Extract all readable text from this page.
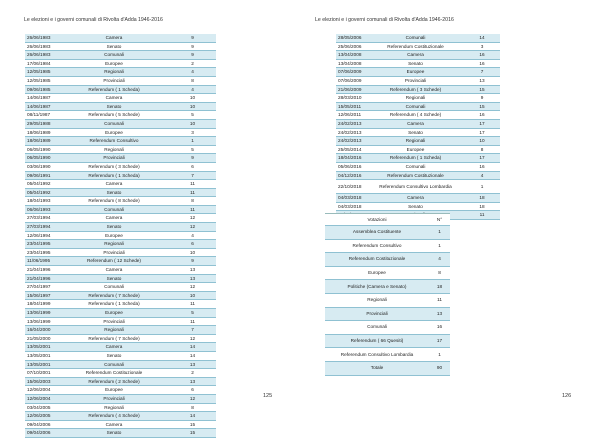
Le elezioni e i governi comunali di Rivolta d'Adda 1946-2016
26/06/1983	Camera	9
26/06/1983	Senato	9
26/06/1983	Comunali	9
17/06/1984	Europee	2
12/05/1985	Regionali	4
12/05/1985	Provinciali	8
09/06/1985	Referendum ( 1 Scheda)	4
14/06/1987	Camera	10
14/06/1987	Senato	10
08/11/1987	Referendum ( 5 Schede)	5
29/05/1988	Comunali	10
18/06/1989	Europee	3
18/06/1989	Referendum Consultivo	1
06/05/1990	Regionali	5
06/05/1990	Provinciali	9
03/06/1990	Referendum ( 3 Schede)	6
09/06/1991	Referendum ( 1 Scheda)	7
05/04/1992	Camera	11
05/04/1992	Senato	11
18/04/1993	Referendum ( 8 Schede)	8
06/06/1993	Comunali	11
27/03/1994	Camera	12
27/03/1994	Senato	12
12/06/1994	Europee	4
23/04/1995	Regionali	6
23/04/1995	Provinciali	10
11/06/1995	Referendum ( 12 Schede)	9
21/04/1996	Camera	13
21/04/1996	Senato	13
27/04/1997	Comunali	12
15/06/1997	Referendum ( 7 Schede)	10
18/04/1999	Referendum ( 1 Scheda)	11
13/06/1999	Europee	5
13/06/1999	Provinciali	11
16/04/2000	Regionali	7
21/05/2000	Referendum ( 7 Schede)	12
13/05/2001	Camera	14
13/05/2001	Senato	14
13/05/2001	Comunali	13
07/10/2001	Referendum Costituzionale	2
15/06/2003	Referendum ( 2 Schede)	13
12/06/2004	Europee	6
12/06/2004	Provinciali	12
03/04/2005	Regionali	8
12/06/2005	Referendum ( 4 Schede)	14
09/04/2006	Camera	15
09/04/2006	Senato	15
125
Le elezioni e i governi comunali di Rivolta d'Adda 1946-2016
28/05/2006	Comunali	14
25/06/2006	Referendum Costituzionale	3
13/04/2008	Camera	16
13/04/2008	Senato	16
07/06/2009	Europee	7
07/06/2009	Provinciali	13
21/06/2009	Referendum ( 3 Schede)	15
28/03/2010	Regionali	9
15/05/2011	Comunali	15
12/06/2011	Referendum ( 4 Schede)	16
24/02/2013	Camera	17
24/02/2013	Senato	17
24/02/2013	Regionali	10
25/05/2014	Europee	8
18/04/2016	Referendum ( 1 Scheda)	17
05/06/2016	Comunali	16
04/12/2016	Referendum Costituzionale	4
22/10/2018	Referendum Consultivo Lombardia	1
04/03/2018	Camera	18
04/03/2018	Senato	18
		11
Votazioni	N°
Assemblea Costituente	1
Referendum Consultivo	1
Referendum Costituzionale	4
Europee	8
Politiche (Camera e Senato)	18
Regionali	11
Provinciali	13
Comunali	16
Referendum ( 66 Quesiti)	17
Referendum Consultivo Lombardia	1
Totale	90
126
